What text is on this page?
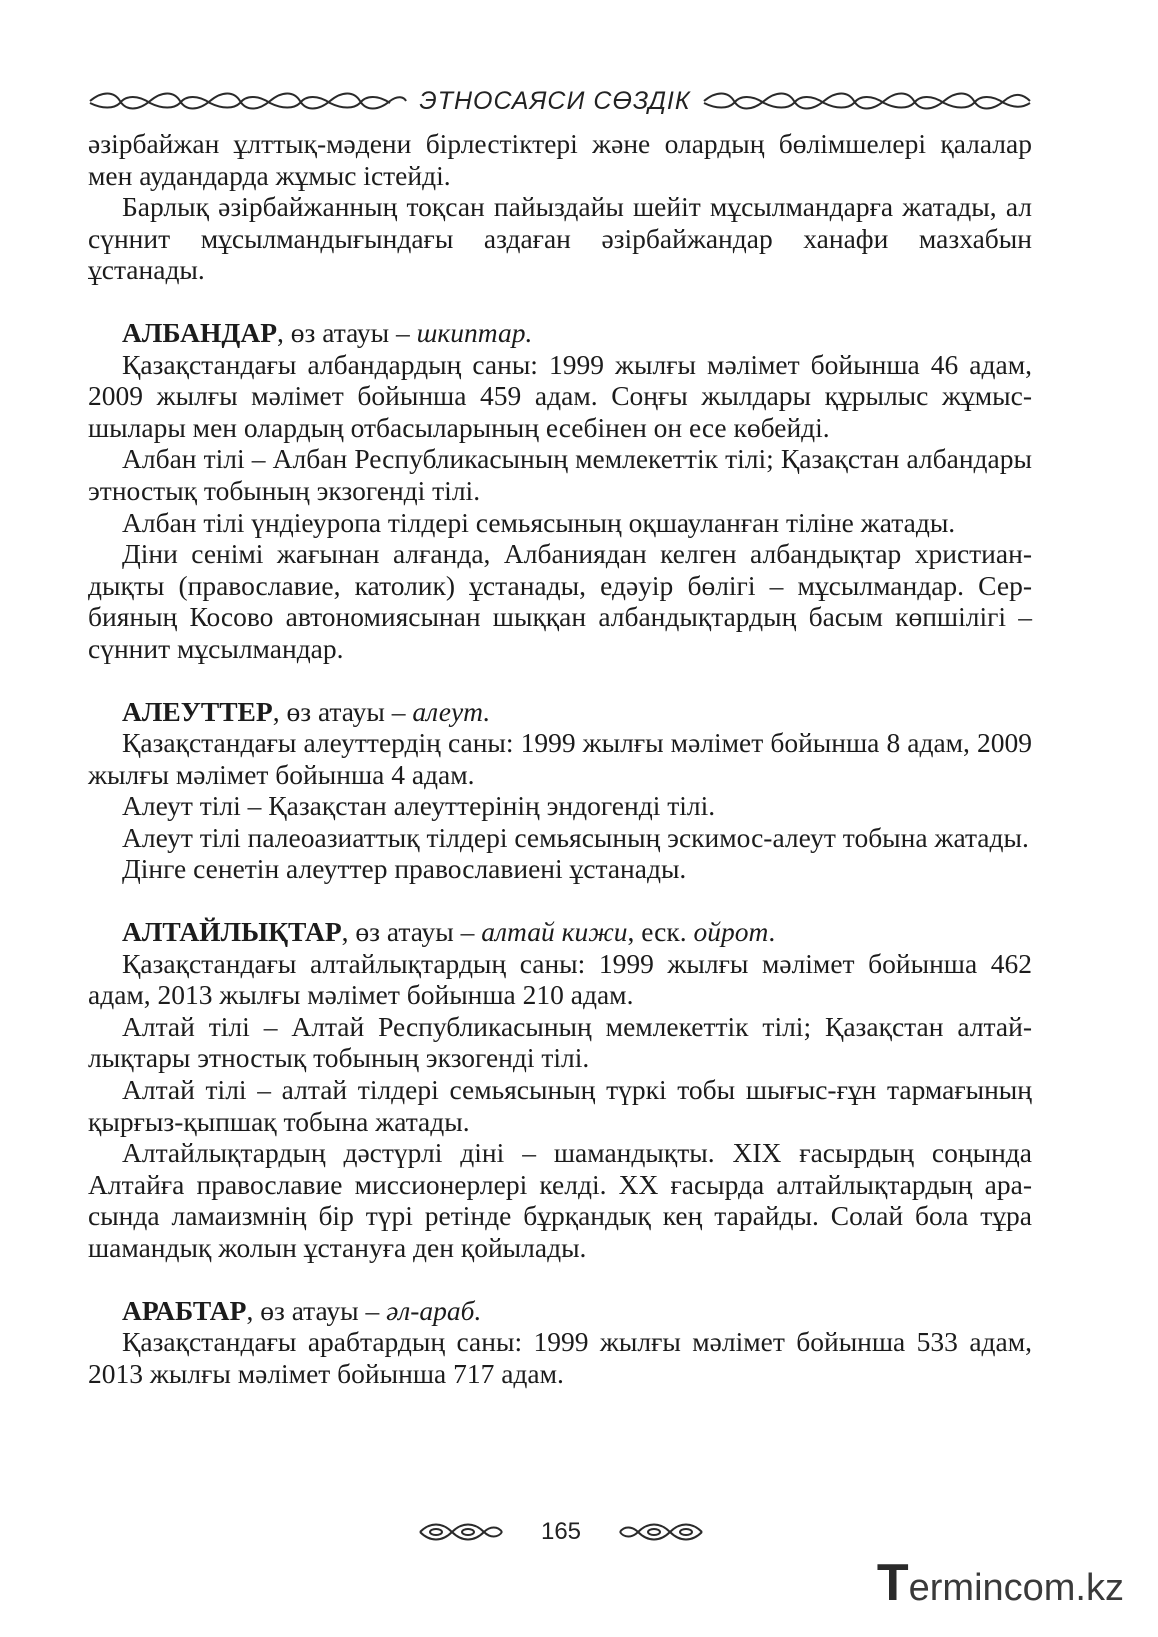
ЭТНОСАЯСИ СӨЗДІК

әзірбайжан ұлттық-мәдени бірлестіктері және олардың бөлімшелері қалалар мен аудандарда жұмыс істейді.

Барлық әзірбайжанның тоқсан пайыздайы шейіт мұсылмандарға жатады, ал сүннит мұсылмандығындағы аздаған әзірбайжандар ханафи мазхабын ұстанады.

АЛБАНДАР, өз атауы – шкиптар.

Қазақстандағы албандардың саны: 1999 жылғы мәлімет бойынша 46 адам, 2009 жылғы мәлімет бойынша 459 адам. Соңғы жылдары құрылыс жұмысшылары мен олардың отбасыларының есебінен он есе көбейді.

Албан тілі – Албан Республикасының мемлекеттік тілі; Қазақстан албандары этностық тобының экзогенді тілі.

Албан тілі үндіеуропа тілдері семьясының оқшауланған тіліне жатады.

Діни сенімі жағынан алғанда, Албаниядан келген албандықтар христиандықты (православие, католик) ұстанады, едәуір бөлігі – мұсылмандар. Сербияның Косово автономиясынан шыққан албандықтардың басым көпшілігі – сүннит мұсылмандар.

АЛЕУТТЕР, өз атауы – алеут.

Қазақстандағы алеуттердің саны: 1999 жылғы мәлімет бойынша 8 адам, 2009 жылғы мәлімет бойынша 4 адам.

Алеут тілі – Қазақстан алеуттерінің эндогенді тілі.

Алеут тілі палеоазиаттық тілдері семьясының эскимос-алеут тобына жатады.

Дінге сенетін алеуттер православиені ұстанады.

АЛТАЙЛЫҚТАР, өз атауы – алтай кижи, еск. ойрот.

Қазақстандағы алтайлықтардың саны: 1999 жылғы мәлімет бойынша 462 адам, 2013 жылғы мәлімет бойынша 210 адам.

Алтай тілі – Алтай Республикасының мемлекеттік тілі; Қазақстан алтайлықтары этностық тобының экзогенді тілі.

Алтай тілі – алтай тілдері семьясының түркі тобы шығыс-ғұн тармағының қырғыз-қыпшақ тобына жатады.

Алтайлықтардың дәстүрлі діні – шамандықты. XIX ғасырдың соңында Алтайға православие миссионерлері келді. XX ғасырда алтайлықтардың арасында ламаизмнің бір түрі ретінде бұрқандық кең тарайды. Солай бола тұра шамандық жолын ұстануға ден қойылады.

АРАБТАР, өз атауы – әл-араб.

Қазақстандағы арабтардың саны: 1999 жылғы мәлімет бойынша 533 адам, 2013 жылғы мәлімет бойынша 717 адам.

165
Termincom.kz
